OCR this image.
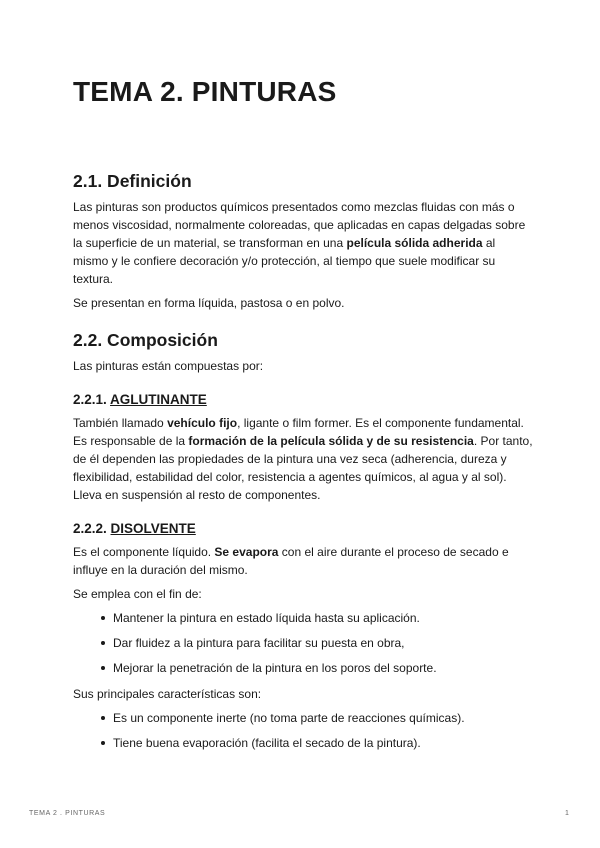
TEMA 2. PINTURAS
2.1. Definición

Las pinturas son productos químicos presentados como mezclas fluidas con más o menos viscosidad, normalmente coloreadas, que aplicadas en capas delgadas sobre la superficie de un material, se transforman en una película sólida adherida al mismo y le confiere decoración y/o protección, al tiempo que suele modificar su textura.

Se presentan en forma líquida, pastosa o en polvo.

2.2. Composición

Las pinturas están compuestas por:

2.2.1. AGLUTINANTE

También llamado vehículo fijo, ligante o film former. Es el componente fundamental. Es responsable de la formación de la película sólida y de su resistencia. Por tanto, de él dependen las propiedades de la pintura una vez seca (adherencia, dureza y flexibilidad, estabilidad del color, resistencia a agentes químicos, al agua y al sol). Lleva en suspensión al resto de componentes.

2.2.2. DISOLVENTE

Es el componente líquido. Se evapora con el aire durante el proceso de secado e influye en la duración del mismo.

Se emplea con el fin de:

Mantener la pintura en estado líquida hasta su aplicación.
Dar fluidez a la pintura para facilitar su puesta en obra,
Mejorar la penetración de la pintura en los poros del soporte.

Sus principales características son:

Es un componente inerte (no toma parte de reacciones químicas).
Tiene buena evaporación (facilita el secado de la pintura).
TEMA 2 . PINTURAS	1
